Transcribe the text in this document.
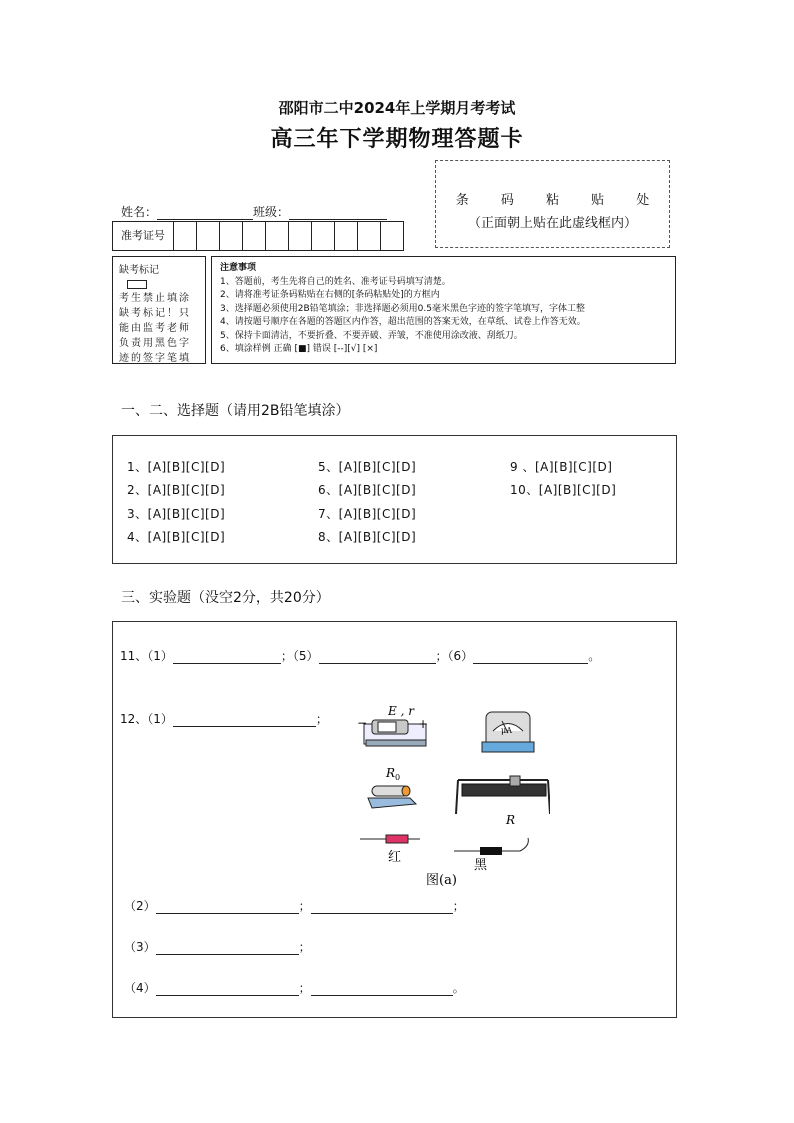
邵阳市二中2024年上学期月考考试
高三年下学期物理答题卡
条 码 粘 贴 处
（正面朝上贴在此虚线框内）
姓名：	班级：
准考证号
缺考标记
考生禁止填涂缺考标记！只能由监考老师负责用黑色字迹的签字笔填
注意事项
1、答题前，考生先将自己的姓名、准考证号码填写清楚。
2、请将准考证条码粘贴在右侧的[条码粘贴处]的方框内
3、选择题必须使用2B铅笔填涂；非选择题必须用0.5毫米黑色字迹的签字笔填写，字体工整
4、请按题号顺序在各题的答题区内作答，超出范围的答案无效，在草纸、试卷上作答无效。
5、保持卡面清洁，不要折叠、不要弄破、弄皱，不准使用涂改液、刮纸刀。
6、填涂样例 正确 [■] 错误 [--][√] [×]
一、二、选择题（请用2B铅笔填涂）
1、[A][B][C][D]
2、[A][B][C][D]
3、[A][B][C][D]
4、[A][B][C][D]
5、[A][B][C][D]
6、[A][B][C][D]
7、[A][B][C][D]
8、[A][B][C][D]
9 、[A][B][C][D]
10、[A][B][C][D]
三、实验题（没空2分，共20分）
11、（1）	；（5）	；（6）	。
12、（1）	；
E , r
−	+	μA
R 0
R
红
黑
图(a)
（2）	；	；
（3）	；
（4）	；	。
